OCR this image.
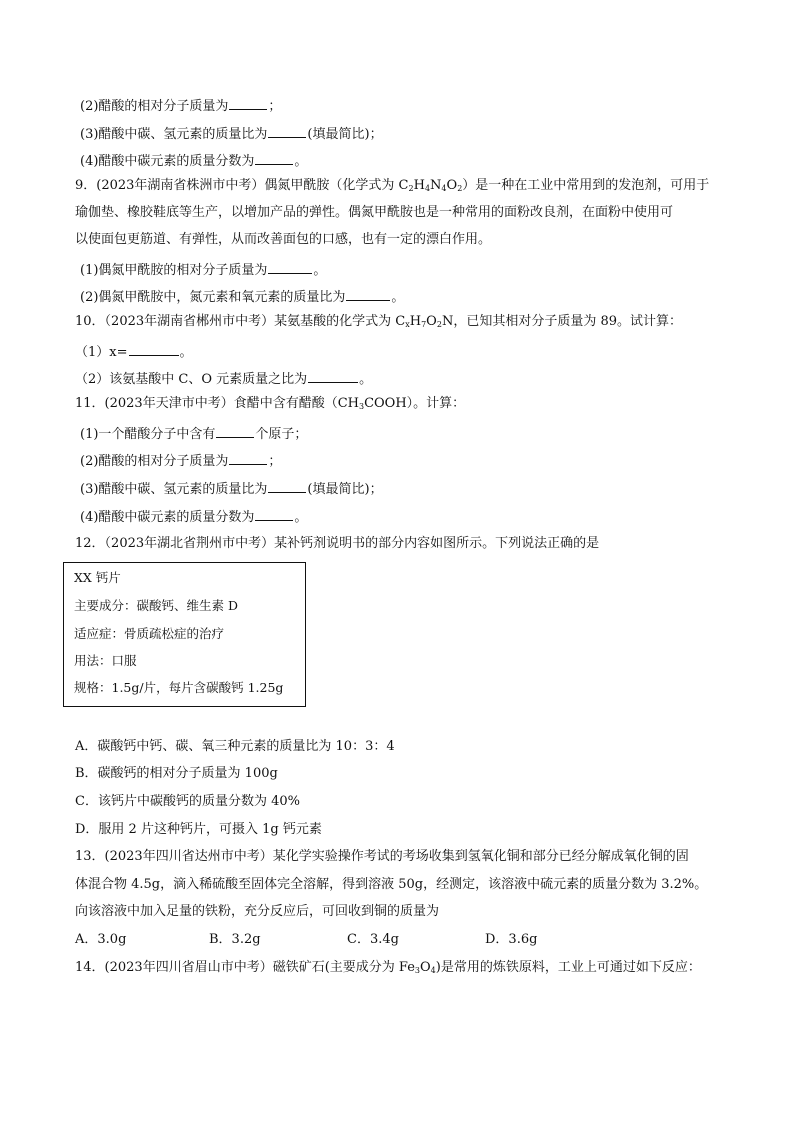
(2)醋酸的相对分子质量为	；
(3)醋酸中碳、氢元素的质量比为	(填最简比)；
(4)醋酸中碳元素的质量分数为	。
9．(2023年湖南省株洲市中考）偶氮甲酰胺（化学式为 $C_2H_4N_4O_2$）是一种在工业中常用到的发泡剂，可用于
瑜伽垫、橡胶鞋底等生产，以增加产品的弹性。偶氮甲酰胺也是一种常用的面粉改良剂，在面粉中使用可
以使面包更筋道、有弹性，从而改善面包的口感，也有一定的漂白作用。
(1)偶氮甲酰胺的相对分子质量为	。
(2)偶氮甲酰胺中，氮元素和氧元素的质量比为	。
10．（2023年湖南省郴州市中考）某氨基酸的化学式为 $C_xH_7O_2N$，已知其相对分子质量为 89。试计算：
（1）x=	。
（2）该氨基酸中 C、O 元素质量之比为	。
11．(2023年天津市中考）食醋中含有醋酸$(CH_3COOH)$。计算：
(1)一个醋酸分子中含有	个原子；
(2)醋酸的相对分子质量为	；
(3)醋酸中碳、氢元素的质量比为	(填最简比)；
(4)醋酸中碳元素的质量分数为	。
12．（2023年湖北省荆州市中考）某补钙剂说明书的部分内容如图所示。下列说法正确的是
XX 钙片
主要成分：碳酸钙、维生素 D
适应症：骨质疏松症的治疗
用法：口服
规格：1.5g/片，每片含碳酸钙 1.25g
A．碳酸钙中钙、碳、氧三种元素的质量比为 10：3：4
B．碳酸钙的相对分子质量为 100g
C．该钙片中碳酸钙的质量分数为 40%
D．服用 2 片这种钙片，可摄入 1g 钙元素
13．(2023年四川省达州市中考）某化学实验操作考试的考场收集到氢氧化铜和部分已经分解成氧化铜的固
体混合物 4.5g，滴入稀硫酸至固体完全溶解，得到溶液 50g，经测定，该溶液中硫元素的质量分数为 3.2%。
向该溶液中加入足量的铁粉，充分反应后，可回收到铜的质量为
A．3.0g	B．3.2g	C．3.4g	D．3.6g
14．(2023年四川省眉山市中考）磁铁矿石(主要成分为 $Fe_3O_4$)是常用的炼铁原料，工业上可通过如下反应：
